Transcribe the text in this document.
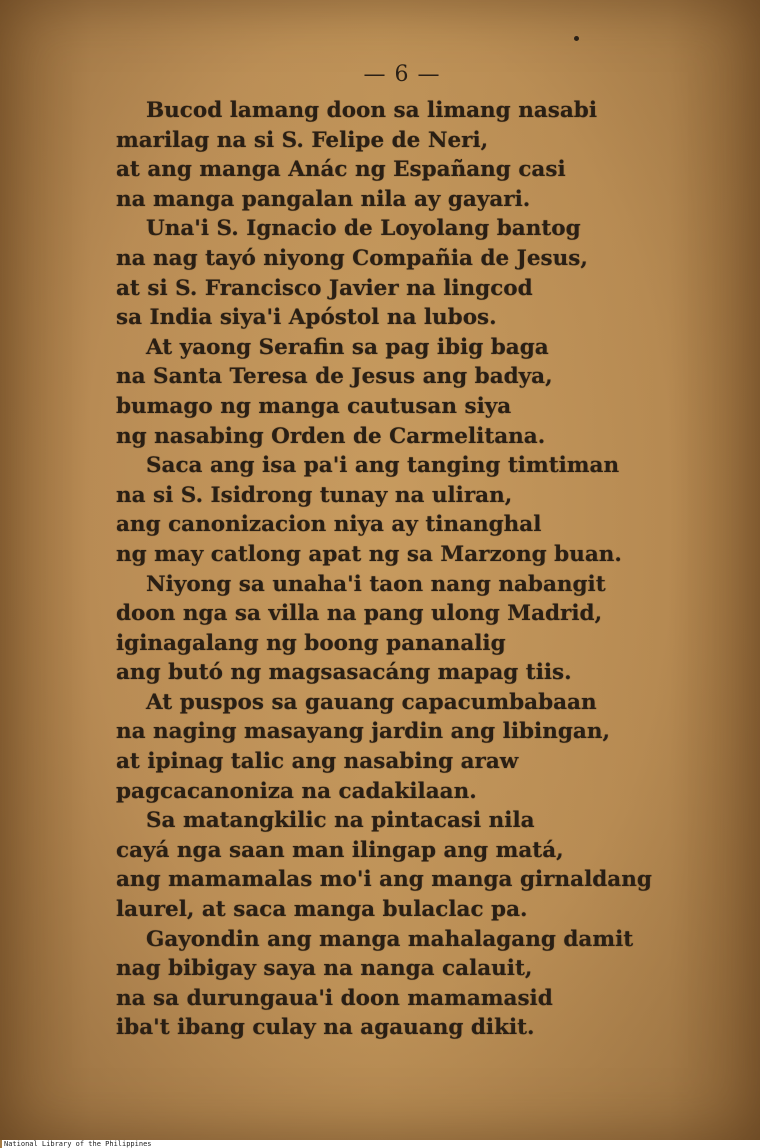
— 6 —
Bucod lamang doon sa limang nasabi
marilag na si S. Felipe de Neri,
at ang manga Anác ng Españang casi
na manga pangalan nila ay gayari.
Una'i S. Ignacio de Loyolang bantog
na nag tayó niyong Compañia de Jesus,
at si S. Francisco Javier na lingcod
sa India siya'i Apóstol na lubos.
At yaong Serafin sa pag ibig baga
na Santa Teresa de Jesus ang badya,
bumago ng manga cautusan siya
ng nasabing Orden de Carmelitana.
Saca ang isa pa'i ang tanging timtiman
na si S. Isidrong tunay na uliran,
ang canonizacion niya ay tinanghal
ng may catlong apat ng sa Marzong buan.
Niyong sa unaha'i taon nang nabangit
doon nga sa villa na pang ulong Madrid,
iginagalang ng boong pananalig
ang butó ng magsasacáng mapag tiis.
At puspos sa gauang capacumbabaan
na naging masayang jardin ang libingan,
at ipinag talic ang nasabing araw
pagcacanoniza na cadakilaan.
Sa matangkilic na pintacasi nila
cayá nga saan man ilingap ang matá,
ang mamamalas mo'i ang manga girnaldang
laurel, at saca manga bulaclac pa.
Gayondin ang manga mahalagang damit
nag bibigay saya na nanga calauit,
na sa durungaua'i doon mamamasid
iba't ibang culay na agauang dikit.
National Library of the Philippines
